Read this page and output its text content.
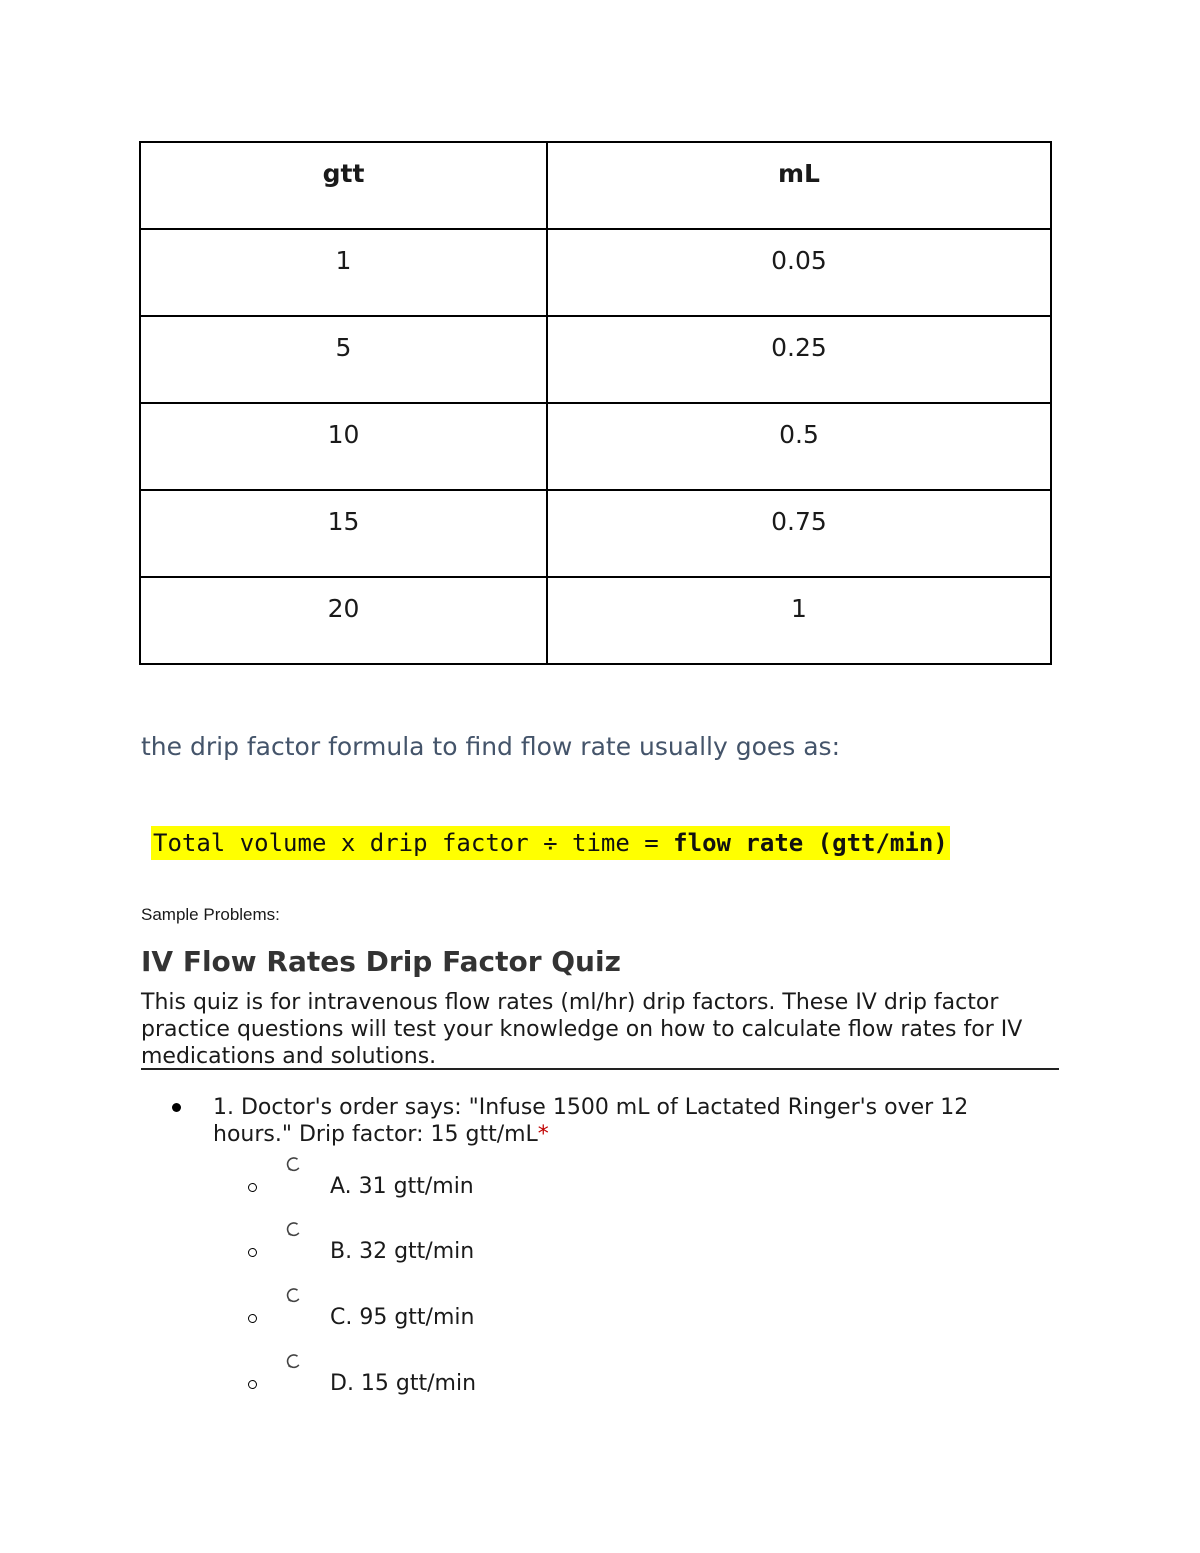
gtt	mL
1	0.05
5	0.25
10	0.5
15	0.75
20	1

the drip factor formula to find flow rate usually goes as:

Total volume x drip factor ÷ time = flow rate (gtt/min)

Sample Problems:

IV Flow Rates Drip Factor Quiz

This quiz is for intravenous flow rates (ml/hr) drip factors. These IV drip factor practice questions will test your knowledge on how to calculate flow rates for IV medications and solutions.

1. Doctor's order says: "Infuse 1500 mL of Lactated Ringer's over 12 hours." Drip factor: 15 gtt/mL*

A. 31 gtt/min

B. 32 gtt/min

C. 95 gtt/min

D. 15 gtt/min
